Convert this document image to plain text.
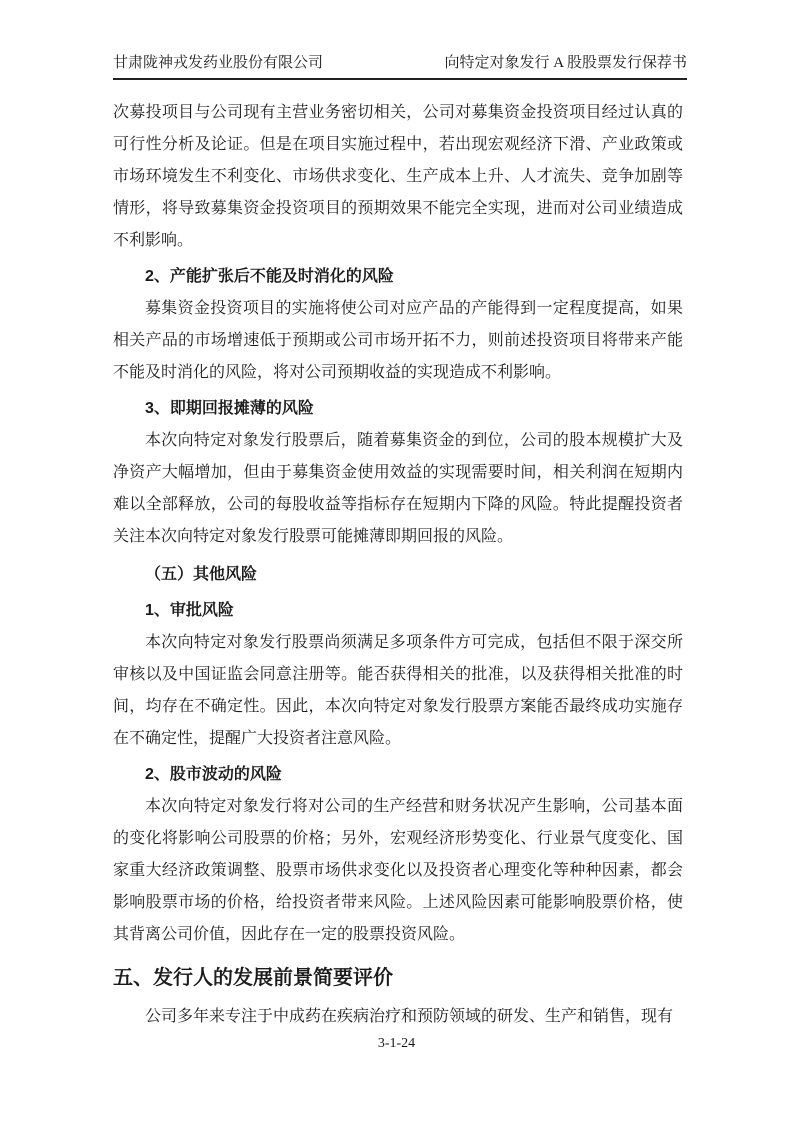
甘肃陇神戎发药业股份有限公司	向特定对象发行 A 股股票发行保荐书

次募投项目与公司现有主营业务密切相关，公司对募集资金投资项目经过认真的可行性分析及论证。但是在项目实施过程中，若出现宏观经济下滑、产业政策或市场环境发生不利变化、市场供求变化、生产成本上升、人才流失、竞争加剧等情形，将导致募集资金投资项目的预期效果不能完全实现，进而对公司业绩造成不利影响。

2、产能扩张后不能及时消化的风险

募集资金投资项目的实施将使公司对应产品的产能得到一定程度提高，如果相关产品的市场增速低于预期或公司市场开拓不力，则前述投资项目将带来产能不能及时消化的风险，将对公司预期收益的实现造成不利影响。

3、即期回报摊薄的风险

本次向特定对象发行股票后，随着募集资金的到位，公司的股本规模扩大及净资产大幅增加，但由于募集资金使用效益的实现需要时间，相关利润在短期内难以全部释放，公司的每股收益等指标存在短期内下降的风险。特此提醒投资者关注本次向特定对象发行股票可能摊薄即期回报的风险。

（五）其他风险
1、审批风险

本次向特定对象发行股票尚须满足多项条件方可完成，包括但不限于深交所审核以及中国证监会同意注册等。能否获得相关的批准，以及获得相关批准的时间，均存在不确定性。因此，本次向特定对象发行股票方案能否最终成功实施存在不确定性，提醒广大投资者注意风险。

2、股市波动的风险

本次向特定对象发行将对公司的生产经营和财务状况产生影响，公司基本面的变化将影响公司股票的价格；另外，宏观经济形势变化、行业景气度变化、国家重大经济政策调整、股票市场供求变化以及投资者心理变化等种种因素，都会影响股票市场的价格，给投资者带来风险。上述风险因素可能影响股票价格，使其背离公司价值，因此存在一定的股票投资风险。

五、发行人的发展前景简要评价

公司多年来专注于中成药在疾病治疗和预防领域的研发、生产和销售，现有

3-1-24
